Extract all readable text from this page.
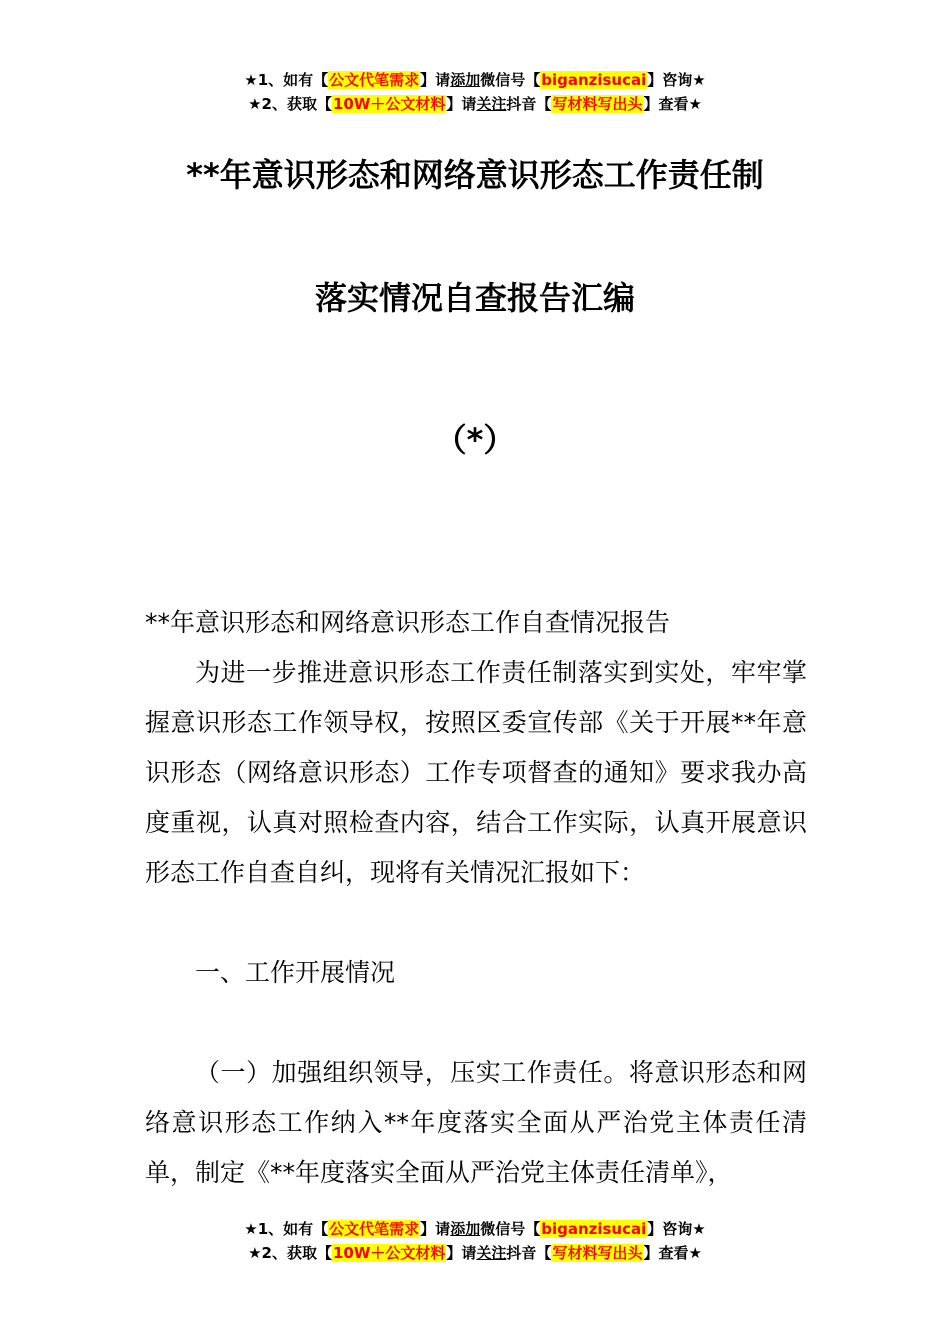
★1、如有【公文代笔需求】请添加微信号【biganzisucai】咨询★
★2、获取【10W＋公文材料】请关注抖音【写材料写出头】查看★
**年意识形态和网络意识形态工作责任制
落实情况自查报告汇编
（*）

**年意识形态和网络意识形态工作自查情况报告

为进一步推进意识形态工作责任制落实到实处，牢牢掌握意识形态工作领导权，按照区委宣传部《关于开展**年意识形态（网络意识形态）工作专项督查的通知》要求我办高度重视，认真对照检查内容，结合工作实际，认真开展意识形态工作自查自纠，现将有关情况汇报如下：

一、工作开展情况

（一）加强组织领导，压实工作责任。将意识形态和网络意识形态工作纳入**年度落实全面从严治党主体责任清单，制定《**年度落实全面从严治党主体责任清单》，

★1、如有【公文代笔需求】请添加微信号【biganzisucai】咨询★
★2、获取【10W＋公文材料】请关注抖音【写材料写出头】查看★
